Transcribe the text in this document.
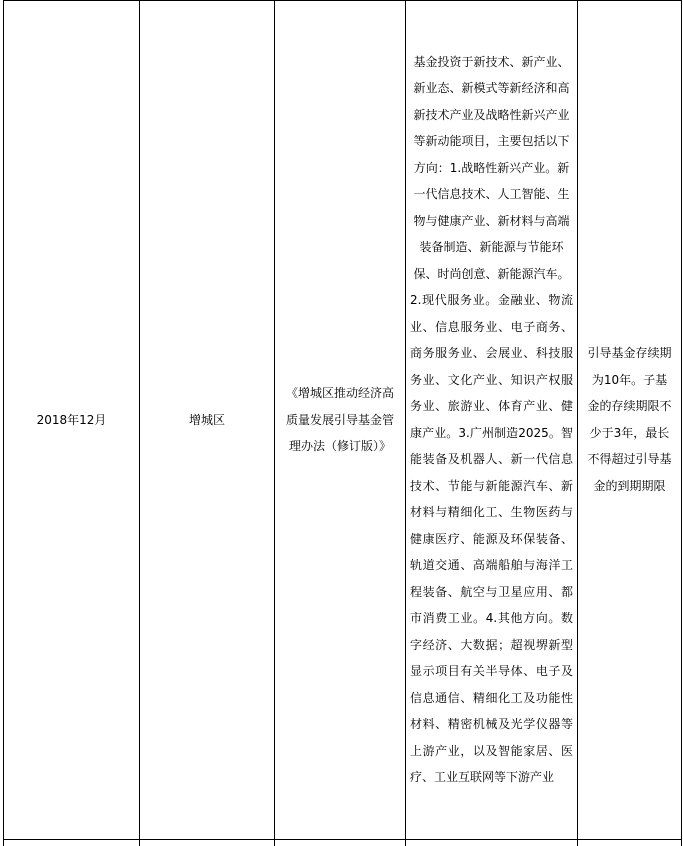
2018年12月	增城区	《增城区推动经济高质量发展引导基金管理办法（修订版）》	基金投资于新技术、新产业、新业态、新模式等新经济和高新技术产业及战略性新兴产业等新动能项目，主要包括以下方向：1.战略性新兴产业。新一代信息技术、人工智能、生物与健康产业、新材料与高端装备制造、新能源与节能环保、时尚创意、新能源汽车。
2.现代服务业。金融业、物流业、信息服务业、电子商务、商务服务业、会展业、科技服务业、文化产业、知识产权服务业、旅游业、体育产业、健康产业。3.广州制造2025。智能装备及机器人、新一代信息技术、节能与新能源汽车、新材料与精细化工、生物医药与健康医疗、能源及环保装备、轨道交通、高端船舶与海洋工程装备、航空与卫星应用、都市消费工业。4.其他方向。数字经济、大数据；超视堺新型显示项目有关半导体、电子及信息通信、精细化工及功能性材料、精密机械及光学仪器等上游产业，以及智能家居、医疗、工业互联网等下游产业	引导基金存续期为10年。子基金的存续期限不少于3年，最长不得超过引导基金的到期期限
